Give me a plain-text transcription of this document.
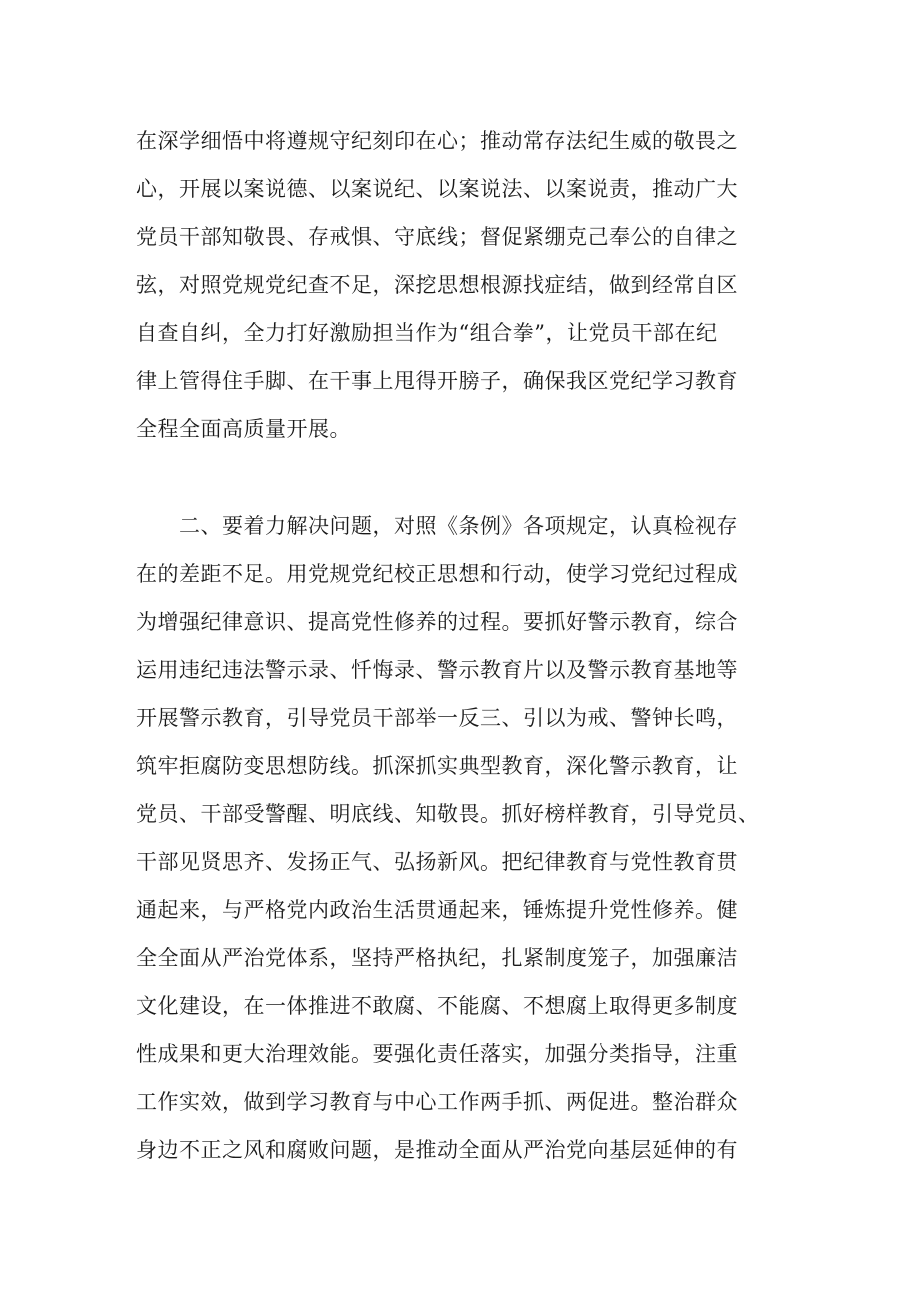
在深学细悟中将遵规守纪刻印在心；推动常存法纪生威的敬畏之
心，开展以案说德、以案说纪、以案说法、以案说责，推动广大
党员干部知敬畏、存戒惧、守底线；督促紧绷克己奉公的自律之
弦，对照党规党纪查不足，深挖思想根源找症结，做到经常自区
自查自纠，全力打好激励担当作为“组合拳”，让党员干部在纪
律上管得住手脚、在干事上甩得开膀子，确保我区党纪学习教育
全程全面高质量开展。
　　二、要着力解决问题，对照《条例》各项规定，认真检视存
在的差距不足。用党规党纪校正思想和行动，使学习党纪过程成
为增强纪律意识、提高党性修养的过程。要抓好警示教育，综合
运用违纪违法警示录、忏悔录、警示教育片以及警示教育基地等
开展警示教育，引导党员干部举一反三、引以为戒、警钟长鸣，
筑牢拒腐防变思想防线。抓深抓实典型教育，深化警示教育，让
党员、干部受警醒、明底线、知敬畏。抓好榜样教育，引导党员、
干部见贤思齐、发扬正气、弘扬新风。把纪律教育与党性教育贯
通起来，与严格党内政治生活贯通起来，锤炼提升党性修养。健
全全面从严治党体系，坚持严格执纪，扎紧制度笼子，加强廉洁
文化建设，在一体推进不敢腐、不能腐、不想腐上取得更多制度
性成果和更大治理效能。要强化责任落实，加强分类指导，注重
工作实效，做到学习教育与中心工作两手抓、两促进。整治群众
身边不正之风和腐败问题，是推动全面从严治党向基层延伸的有
